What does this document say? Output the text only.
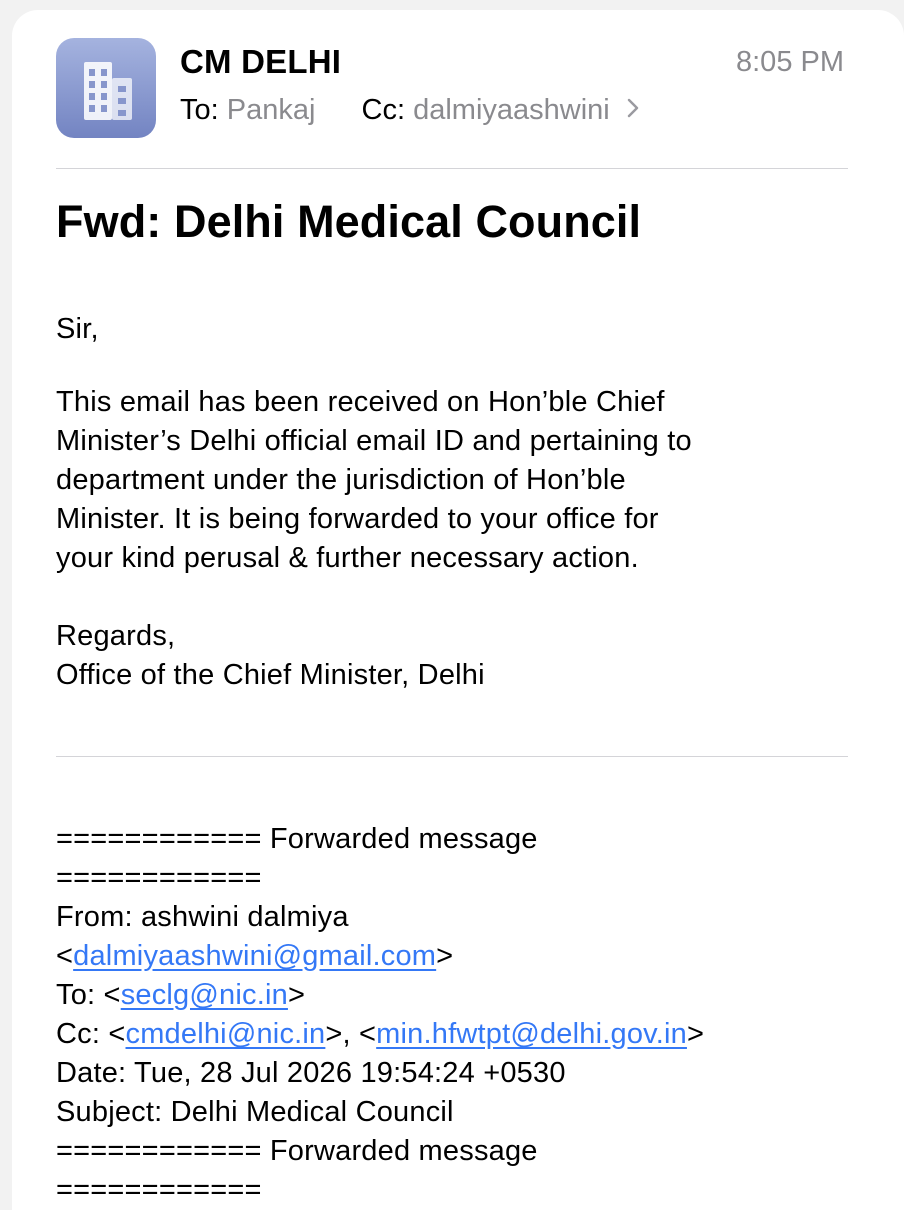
CM DELHI	8:05 PM
To: Pankaj Cc: dalmiyaashwini
Fwd: Delhi Medical Council
Sir,
This email has been received on Hon’ble Chief
Minister’s Delhi official email ID and pertaining to
department under the jurisdiction of Hon’ble
Minister. It is being forwarded to your office for
your kind perusal & further necessary action.
Regards,
Office of the Chief Minister, Delhi
============ Forwarded message
============
From: ashwini dalmiya
<dalmiyaashwini@gmail.com>
To: <seclg@nic.in>
Cc: <cmdelhi@nic.in>, <min.hfwtpt@delhi.gov.in>
Date: Tue, 28 Jul 2026 19:54:24 +0530
Subject: Delhi Medical Council
============ Forwarded message
============
